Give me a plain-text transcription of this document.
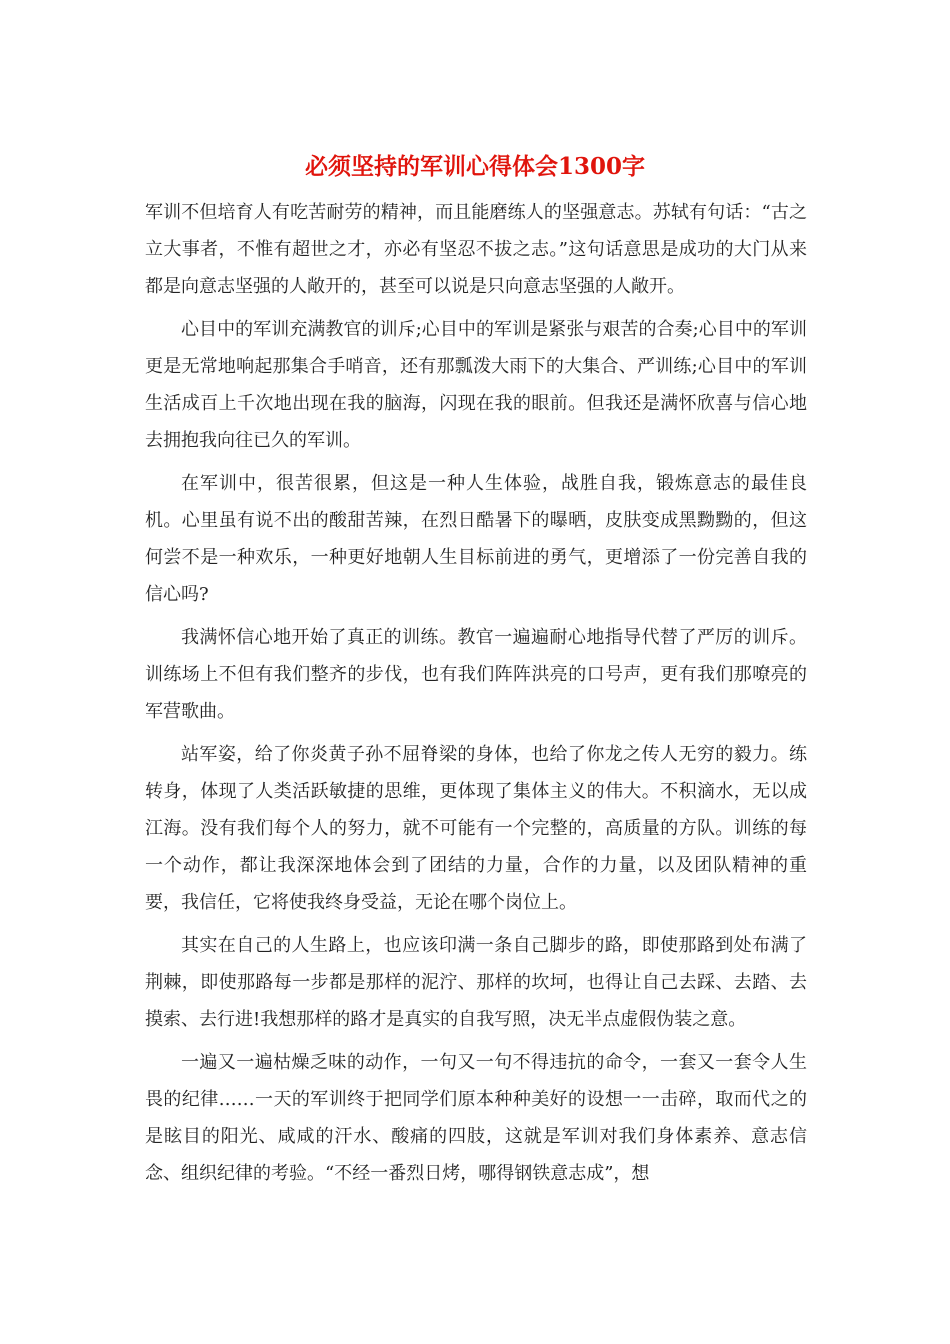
必须坚持的军训心得体会1300字

军训不但培育人有吃苦耐劳的精神，而且能磨练人的坚强意志。苏轼有句话：“古之立大事者，不惟有超世之才，亦必有坚忍不拔之志。”这句话意思是成功的大门从来都是向意志坚强的人敞开的，甚至可以说是只向意志坚强的人敞开。

心目中的军训充满教官的训斥;心目中的军训是紧张与艰苦的合奏;心目中的军训更是无常地响起那集合手哨音，还有那瓢泼大雨下的大集合、严训练;心目中的军训生活成百上千次地出现在我的脑海，闪现在我的眼前。但我还是满怀欣喜与信心地去拥抱我向往已久的军训。

在军训中，很苦很累，但这是一种人生体验，战胜自我，锻炼意志的最佳良机。心里虽有说不出的酸甜苦辣，在烈日酷暑下的曝晒，皮肤变成黑黝黝的，但这何尝不是一种欢乐，一种更好地朝人生目标前进的勇气，更增添了一份完善自我的信心吗?

我满怀信心地开始了真正的训练。教官一遍遍耐心地指导代替了严厉的训斥。训练场上不但有我们整齐的步伐，也有我们阵阵洪亮的口号声，更有我们那嘹亮的军营歌曲。

站军姿，给了你炎黄子孙不屈脊梁的身体，也给了你龙之传人无穷的毅力。练转身，体现了人类活跃敏捷的思维，更体现了集体主义的伟大。不积滴水，无以成江海。没有我们每个人的努力，就不可能有一个完整的，高质量的方队。训练的每一个动作，都让我深深地体会到了团结的力量，合作的力量，以及团队精神的重要，我信任，它将使我终身受益，无论在哪个岗位上。

其实在自己的人生路上，也应该印满一条自己脚步的路，即使那路到处布满了荆棘，即使那路每一步都是那样的泥泞、那样的坎坷，也得让自己去踩、去踏、去摸索、去行进!我想那样的路才是真实的自我写照，决无半点虚假伪装之意。

一遍又一遍枯燥乏味的动作，一句又一句不得违抗的命令，一套又一套令人生畏的纪律……一天的军训终于把同学们原本种种美好的设想一一击碎，取而代之的是眩目的阳光、咸咸的汗水、酸痛的四肢，这就是军训对我们身体素养、意志信念、组织纪律的考验。“不经一番烈日烤，哪得钢铁意志成”，想
